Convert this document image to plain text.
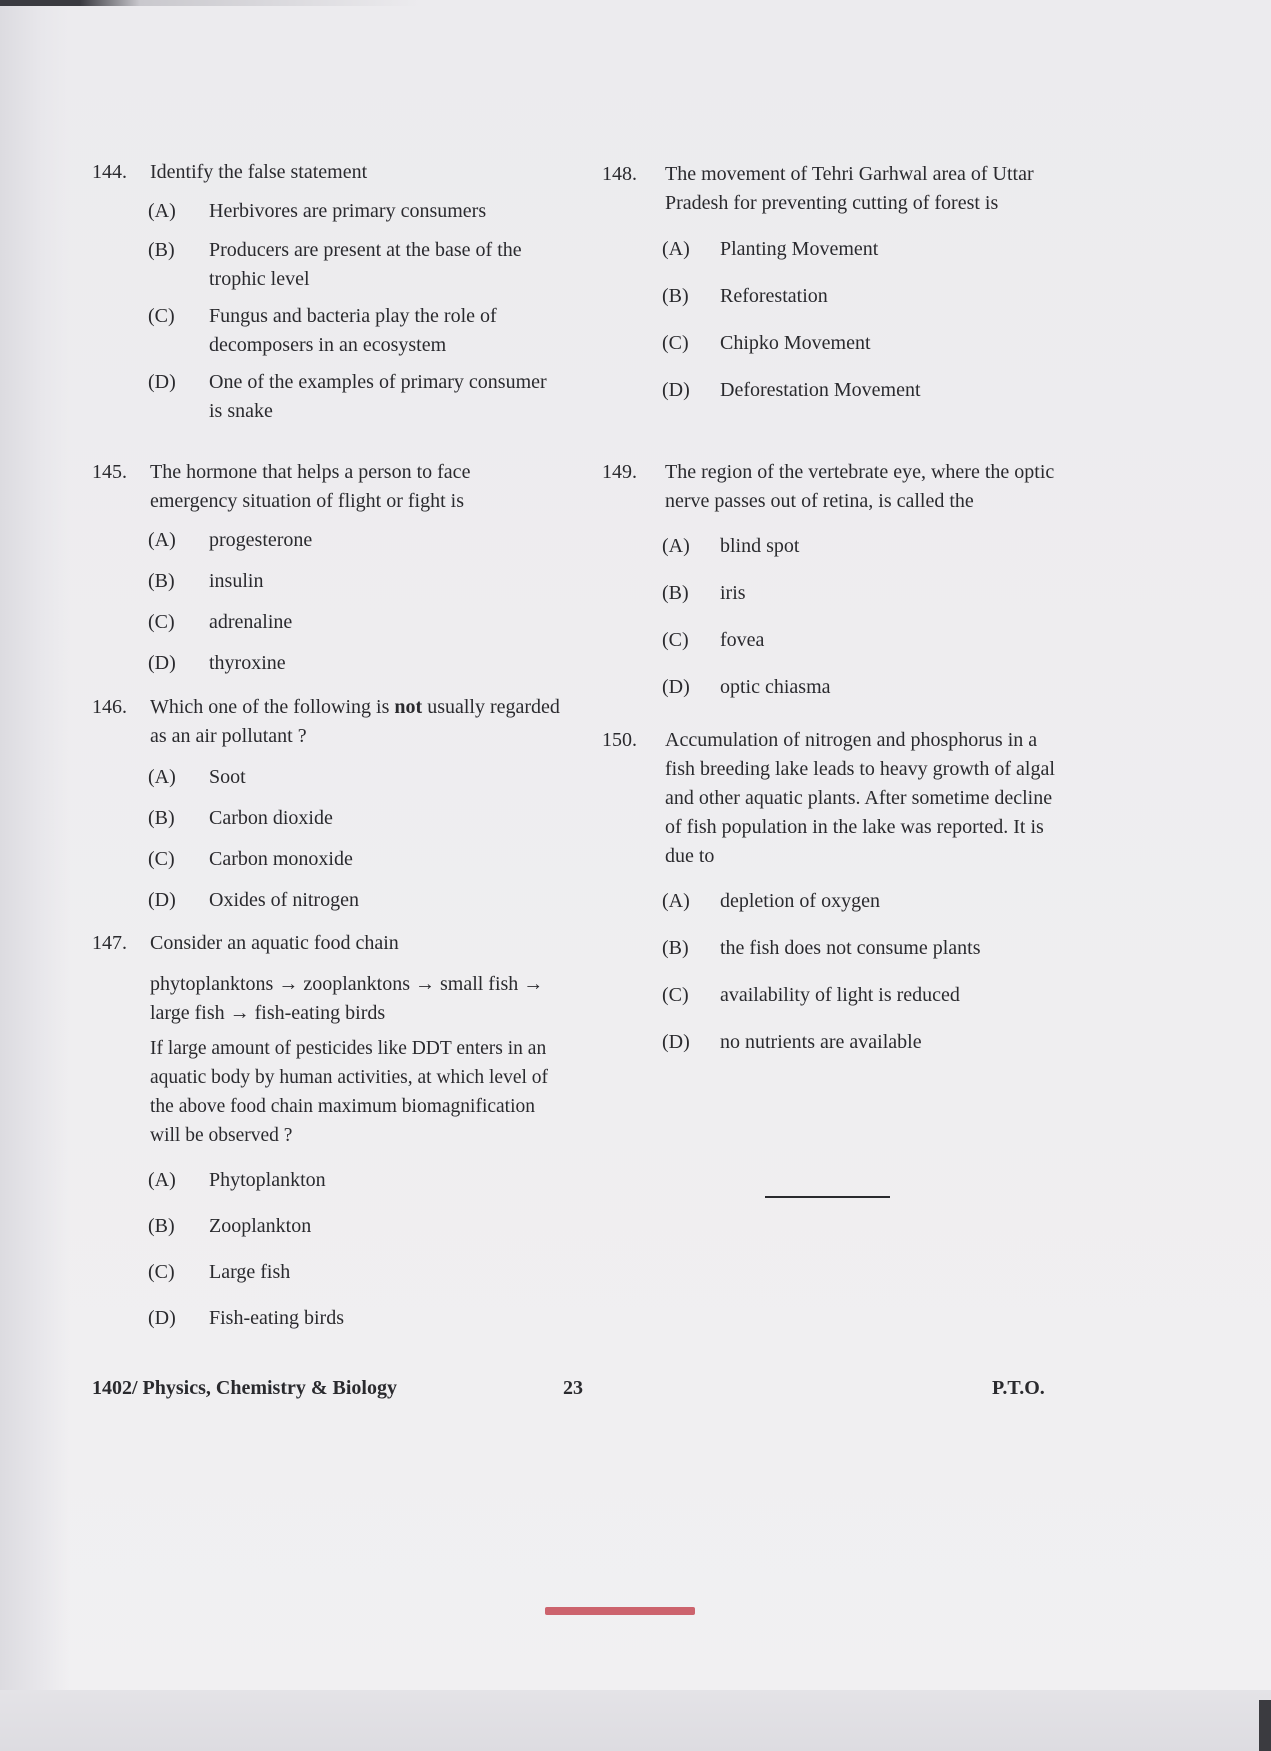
144. Identify the false statement
(A) Herbivores are primary consumers
(B) Producers are present at the base of the trophic level
(C) Fungus and bacteria play the role of decomposers in an ecosystem
(D) One of the examples of primary consumer is snake
145. The hormone that helps a person to face emergency situation of flight or fight is
(A) progesterone
(B) insulin
(C) adrenaline
(D) thyroxine
146. Which one of the following is not usually regarded as an air pollutant ?
(A) Soot
(B) Carbon dioxide
(C) Carbon monoxide
(D) Oxides of nitrogen
147. Consider an aquatic food chain
phytoplanktons → zooplanktons → small fish → large fish → fish-eating birds
If large amount of pesticides like DDT enters in an aquatic body by human activities, at which level of the above food chain maximum biomagnification will be observed ?
(A) Phytoplankton
(B) Zooplankton
(C) Large fish
(D) Fish-eating birds
148. The movement of Tehri Garhwal area of Uttar Pradesh for preventing cutting of forest is
(A) Planting Movement
(B) Reforestation
(C) Chipko Movement
(D) Deforestation Movement
149. The region of the vertebrate eye, where the optic nerve passes out of retina, is called the
(A) blind spot
(B) iris
(C) fovea
(D) optic chiasma
150. Accumulation of nitrogen and phosphorus in a fish breeding lake leads to heavy growth of algal and other aquatic plants. After sometime decline of fish population in the lake was reported. It is due to
(A) depletion of oxygen
(B) the fish does not consume plants
(C) availability of light is reduced
(D) no nutrients are available
1402/ Physics, Chemistry & Biology	23	P.T.O.
